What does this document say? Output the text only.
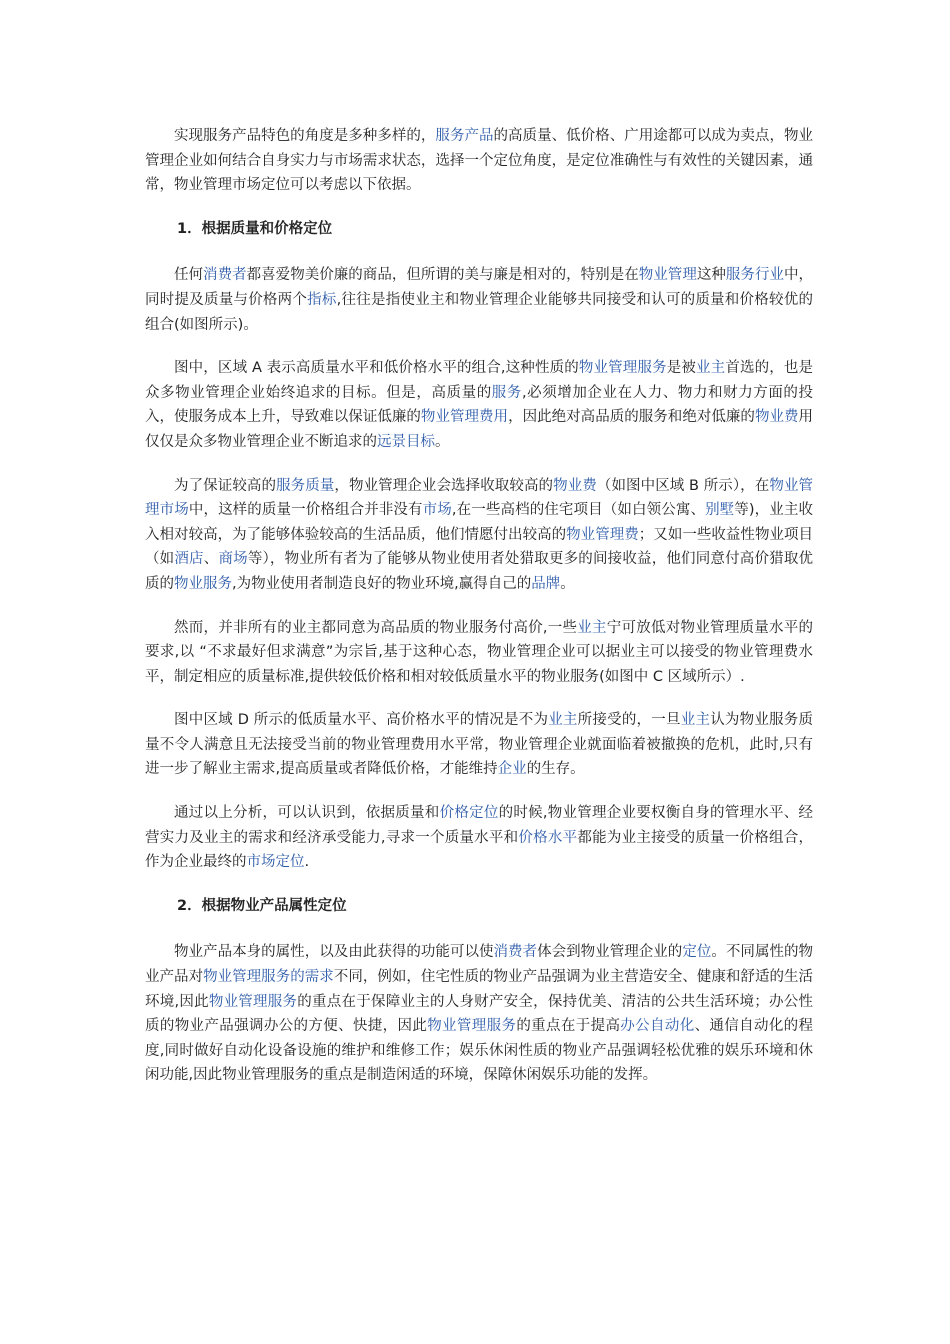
实现服务产品特色的角度是多种多样的，服务产品的高质量、低价格、广用途都可以成为卖点，物业管理企业如何结合自身实力与市场需求状态，选择一个定位角度，是定位准确性与有效性的关键因素，通常，物业管理市场定位可以考虑以下依据。

1．根据质量和价格定位

任何消费者都喜爱物美价廉的商品，但所谓的美与廉是相对的，特别是在物业管理这种服务行业中，同时提及质量与价格两个指标,往往是指使业主和物业管理企业能够共同接受和认可的质量和价格较优的组合(如图所示)。

图中，区域 A 表示高质量水平和低价格水平的组合,这种性质的物业管理服务是被业主首选的，也是众多物业管理企业始终追求的目标。但是，高质量的服务,必须增加企业在人力、物力和财力方面的投入，使服务成本上升，导致难以保证低廉的物业管理费用，因此绝对高品质的服务和绝对低廉的物业费用仅仅是众多物业管理企业不断追求的远景目标。

为了保证较高的服务质量，物业管理企业会选择收取较高的物业费（如图中区域 B 所示），在物业管理市场中，这样的质量一价格组合并非没有市场,在一些高档的住宅项目（如白领公寓、别墅等)，业主收入相对较高，为了能够体验较高的生活品质，他们情愿付出较高的物业管理费；又如一些收益性物业项目（如酒店、商场等），物业所有者为了能够从物业使用者处猎取更多的间接收益，他们同意付高价猎取优质的物业服务,为物业使用者制造良好的物业环境,赢得自己的品牌。

然而，并非所有的业主都同意为高品质的物业服务付高价,一些业主宁可放低对物业管理质量水平的要求,以 “不求最好但求满意”为宗旨,基于这种心态，物业管理企业可以据业主可以接受的物业管理费水平，制定相应的质量标准,提供较低价格和相对较低质量水平的物业服务(如图中 C 区域所示）.

图中区域 D 所示的低质量水平、高价格水平的情况是不为业主所接受的，一旦业主认为物业服务质量不令人满意且无法接受当前的物业管理费用水平常，物业管理企业就面临着被撤换的危机，此时,只有进一步了解业主需求,提高质量或者降低价格，才能维持企业的生存。

通过以上分析，可以认识到，依据质量和价格定位的时候,物业管理企业要权衡自身的管理水平、经营实力及业主的需求和经济承受能力,寻求一个质量水平和价格水平都能为业主接受的质量一价格组合，作为企业最终的市场定位.

2．根据物业产品属性定位

物业产品本身的属性，以及由此获得的功能可以使消费者体会到物业管理企业的定位。不同属性的物业产品对物业管理服务的需求不同，例如，住宅性质的物业产品强调为业主营造安全、健康和舒适的生活环境,因此物业管理服务的重点在于保障业主的人身财产安全，保持优美、清洁的公共生活环境；办公性质的物业产品强调办公的方便、快捷，因此物业管理服务的重点在于提高办公自动化、通信自动化的程度,同时做好自动化设备设施的维护和维修工作；娱乐休闲性质的物业产品强调轻松优雅的娱乐环境和休闲功能,因此物业管理服务的重点是制造闲适的环境，保障休闲娱乐功能的发挥。
